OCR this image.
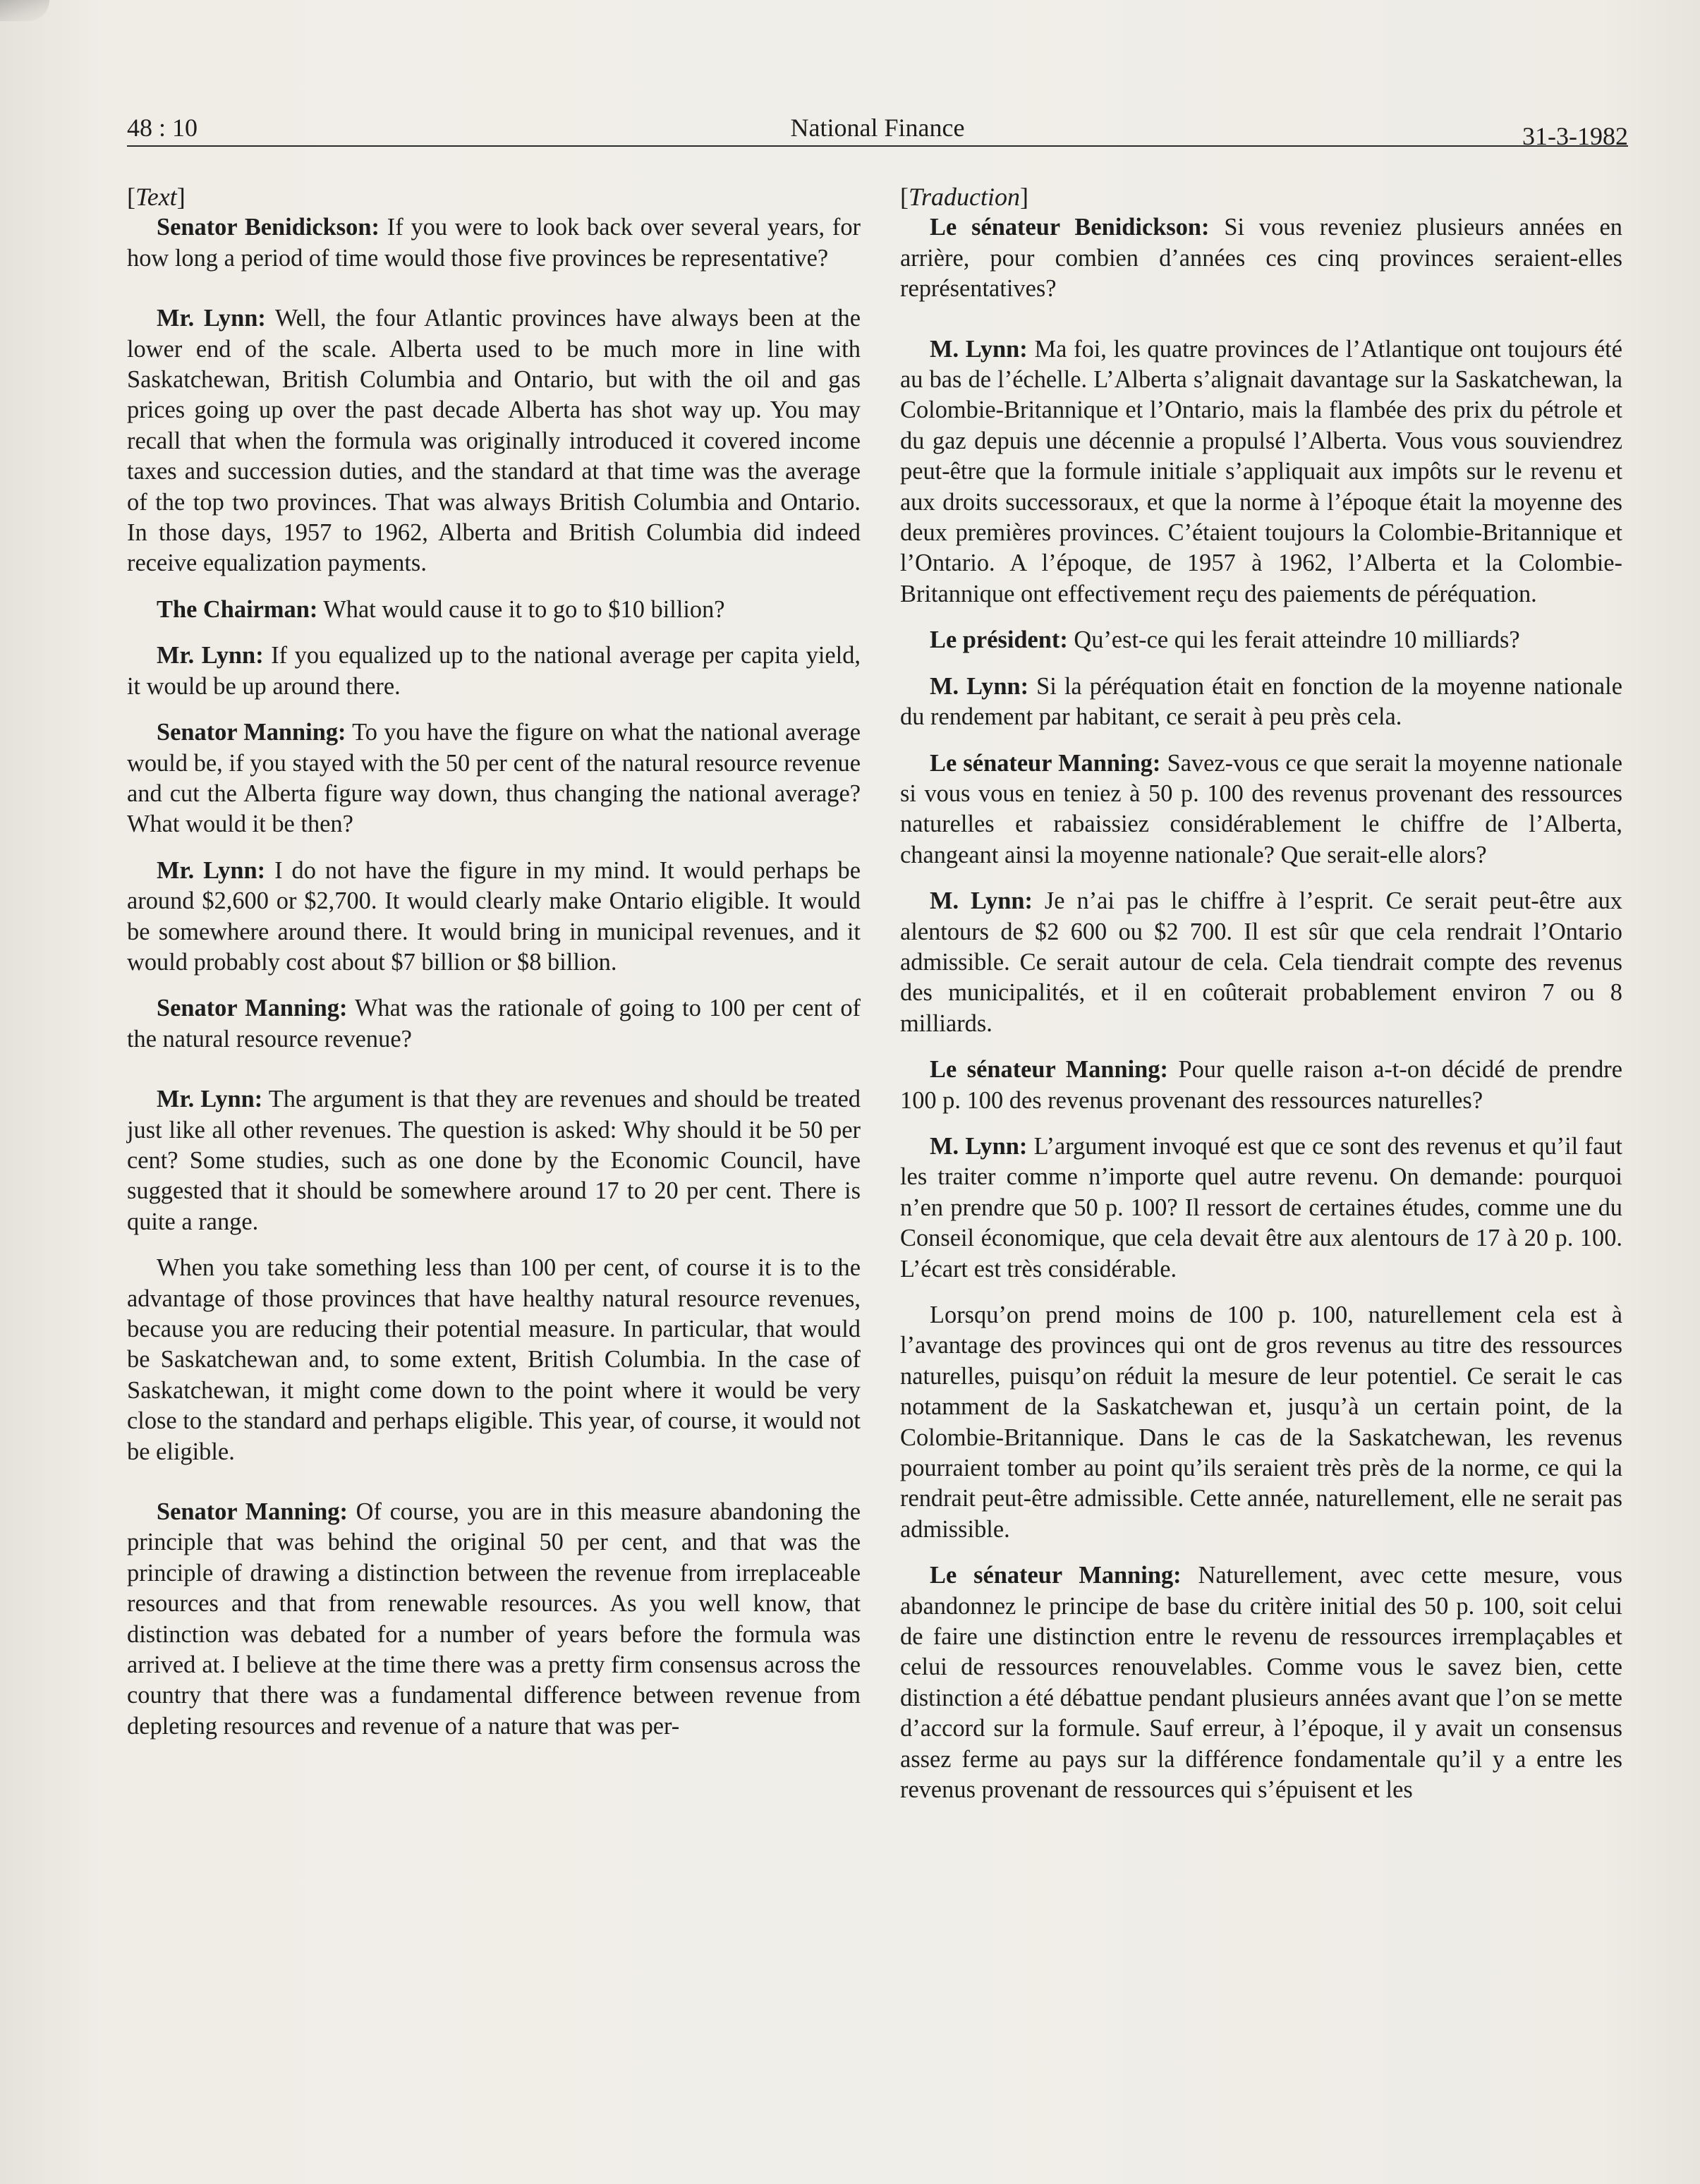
48 : 10	National Finance	31-3-1982

[Text]

Senator Benidickson: If you were to look back over several years, for how long a period of time would those five provinces be representative?

Mr. Lynn: Well, the four Atlantic provinces have always been at the lower end of the scale. Alberta used to be much more in line with Saskatchewan, British Columbia and Ontario, but with the oil and gas prices going up over the past decade Alberta has shot way up. You may recall that when the formula was originally introduced it covered income taxes and succession duties, and the standard at that time was the average of the top two provinces. That was always British Columbia and Ontario. In those days, 1957 to 1962, Alberta and British Columbia did indeed receive equalization payments.

The Chairman: What would cause it to go to $10 billion?

Mr. Lynn: If you equalized up to the national average per capita yield, it would be up around there.

Senator Manning: To you have the figure on what the national average would be, if you stayed with the 50 per cent of the natural resource revenue and cut the Alberta figure way down, thus changing the national average? What would it be then?

Mr. Lynn: I do not have the figure in my mind. It would perhaps be around $2,600 or $2,700. It would clearly make Ontario eligible. It would be somewhere around there. It would bring in municipal revenues, and it would probably cost about $7 billion or $8 billion.

Senator Manning: What was the rationale of going to 100 per cent of the natural resource revenue?

Mr. Lynn: The argument is that they are revenues and should be treated just like all other revenues. The question is asked: Why should it be 50 per cent? Some studies, such as one done by the Economic Council, have suggested that it should be somewhere around 17 to 20 per cent. There is quite a range.

When you take something less than 100 per cent, of course it is to the advantage of those provinces that have healthy natural resource revenues, because you are reducing their potential measure. In particular, that would be Saskatchewan and, to some extent, British Columbia. In the case of Saskatchewan, it might come down to the point where it would be very close to the standard and perhaps eligible. This year, of course, it would not be eligible.

Senator Manning: Of course, you are in this measure abandoning the principle that was behind the original 50 per cent, and that was the principle of drawing a distinction between the revenue from irreplaceable resources and that from renewable resources. As you well know, that distinction was debated for a number of years before the formula was arrived at. I believe at the time there was a pretty firm consensus across the country that there was a fundamental difference between revenue from depleting resources and revenue of a nature that was per-

[Traduction]

Le sénateur Benidickson: Si vous reveniez plusieurs années en arrière, pour combien d’années ces cinq provinces seraient-elles représentatives?

M. Lynn: Ma foi, les quatre provinces de l’Atlantique ont toujours été au bas de l’échelle. L’Alberta s’alignait davantage sur la Saskatchewan, la Colombie-Britannique et l’Ontario, mais la flambée des prix du pétrole et du gaz depuis une décennie a propulsé l’Alberta. Vous vous souviendrez peut-être que la formule initiale s’appliquait aux impôts sur le revenu et aux droits successoraux, et que la norme à l’époque était la moyenne des deux premières provinces. C’étaient toujours la Colombie-Britannique et l’Ontario. A l’époque, de 1957 à 1962, l’Alberta et la Colombie-Britannique ont effectivement reçu des paiements de péréquation.

Le président: Qu’est-ce qui les ferait atteindre 10 milliards?

M. Lynn: Si la péréquation était en fonction de la moyenne nationale du rendement par habitant, ce serait à peu près cela.

Le sénateur Manning: Savez-vous ce que serait la moyenne nationale si vous vous en teniez à 50 p. 100 des revenus provenant des ressources naturelles et rabaissiez considérablement le chiffre de l’Alberta, changeant ainsi la moyenne nationale? Que serait-elle alors?

M. Lynn: Je n’ai pas le chiffre à l’esprit. Ce serait peut-être aux alentours de $2 600 ou $2 700. Il est sûr que cela rendrait l’Ontario admissible. Ce serait autour de cela. Cela tiendrait compte des revenus des municipalités, et il en coûterait probablement environ 7 ou 8 milliards.

Le sénateur Manning: Pour quelle raison a-t-on décidé de prendre 100 p. 100 des revenus provenant des ressources naturelles?

M. Lynn: L’argument invoqué est que ce sont des revenus et qu’il faut les traiter comme n’importe quel autre revenu. On demande: pourquoi n’en prendre que 50 p. 100? Il ressort de certaines études, comme une du Conseil économique, que cela devait être aux alentours de 17 à 20 p. 100. L’écart est très considérable.

Lorsqu’on prend moins de 100 p. 100, naturellement cela est à l’avantage des provinces qui ont de gros revenus au titre des ressources naturelles, puisqu’on réduit la mesure de leur potentiel. Ce serait le cas notamment de la Saskatchewan et, jusqu’à un certain point, de la Colombie-Britannique. Dans le cas de la Saskatchewan, les revenus pourraient tomber au point qu’ils seraient très près de la norme, ce qui la rendrait peut-être admissible. Cette année, naturellement, elle ne serait pas admissible.

Le sénateur Manning: Naturellement, avec cette mesure, vous abandonnez le principe de base du critère initial des 50 p. 100, soit celui de faire une distinction entre le revenu de ressources irremplaçables et celui de ressources renouvelables. Comme vous le savez bien, cette distinction a été débattue pendant plusieurs années avant que l’on se mette d’accord sur la formule. Sauf erreur, à l’époque, il y avait un consensus assez ferme au pays sur la différence fondamentale qu’il y a entre les revenus provenant de ressources qui s’épuisent et les
